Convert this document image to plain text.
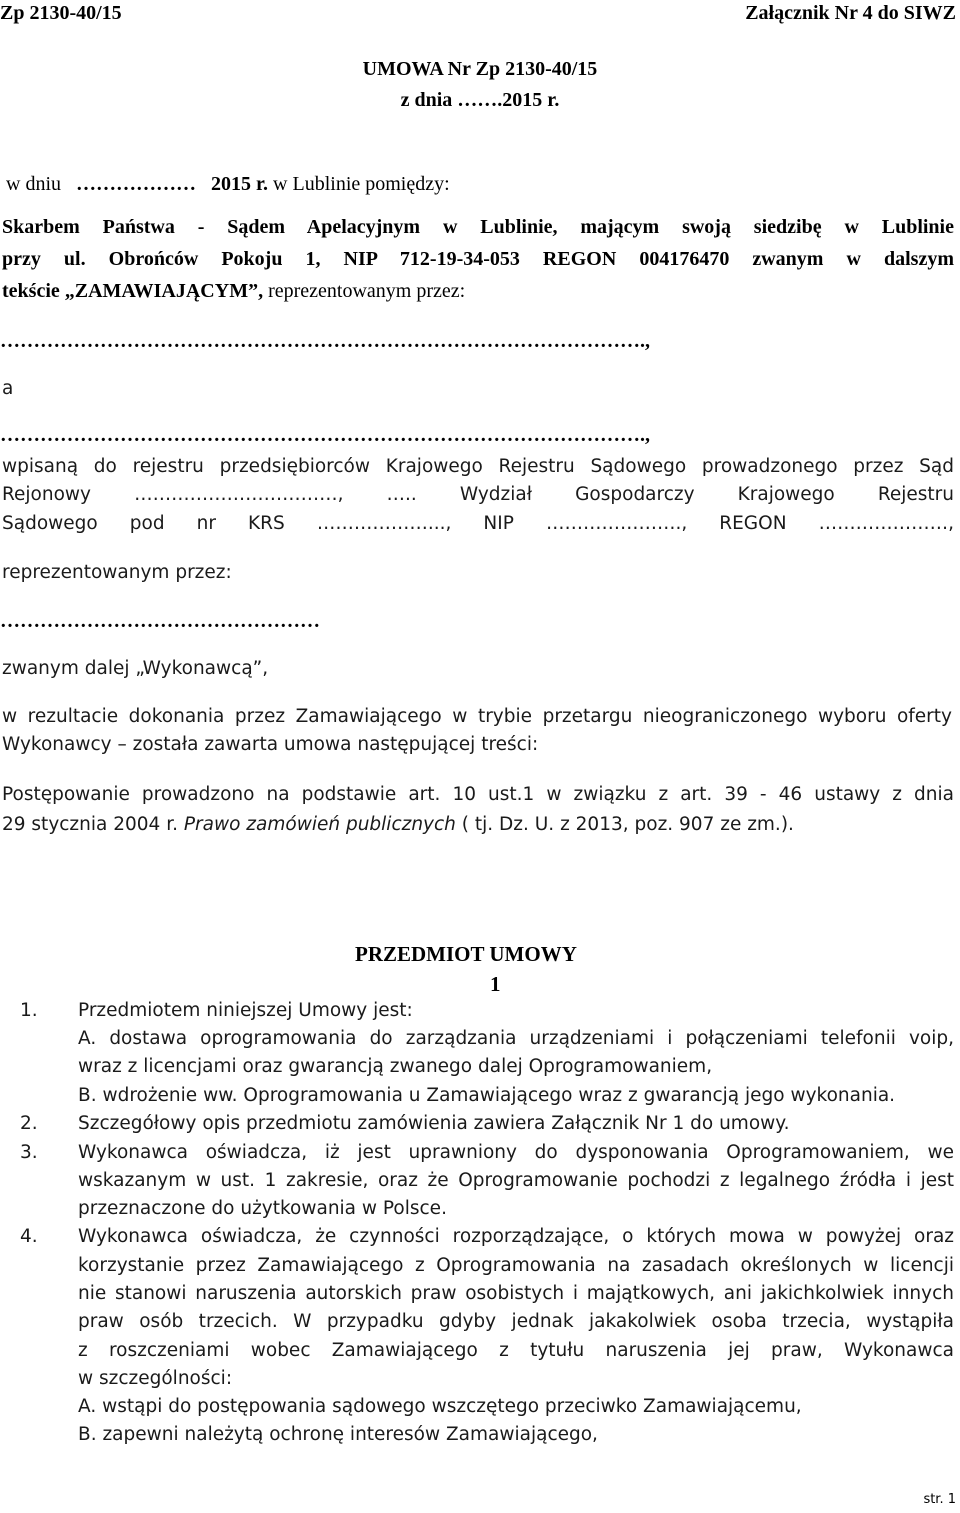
Zp 2130-40/15	Załącznik Nr 4 do SIWZ
UMOWA Nr Zp 2130-40/15
z dnia …….2015 r.
w dniu ……………… 2015 r. w Lublinie pomiędzy:
Skarbem Państwa - Sądem Apelacyjnym w Lublinie, mającym swoją siedzibę w Lublinie
przy ul. Obrońców Pokoju 1, NIP 712-19-34-053 REGON 004176470 zwanym w dalszym
tekście „ZAMAWIAJĄCYM”, reprezentowanym przez:
…………………………………………………………………………………….,
a
…………………………………………………………………………………….,
wpisaną do rejestru przedsiębiorców Krajowego Rejestru Sądowego prowadzonego przez Sąd
Rejonowy ……………………………, ….. Wydział Gospodarczy Krajowego Rejestru
Sądowego pod nr KRS ………………..., NIP …………………., REGON …………………,
reprezentowanym przez:
…………………………………………
zwanym dalej „Wykonawcą”,
w rezultacie dokonania przez Zamawiającego w trybie przetargu nieograniczonego wyboru oferty
Wykonawcy – została zawarta umowa następującej treści:
Postępowanie prowadzono na podstawie art. 10 ust.1 w związku z art. 39 - 46 ustawy z dnia
29 stycznia 2004 r. Prawo zamówień publicznych ( tj. Dz. U. z 2013, poz. 907 ze zm.).
PRZEDMIOT UMOWY
1
1. Przedmiotem niniejszej Umowy jest:
A. dostawa oprogramowania do zarządzania urządzeniami i połączeniami telefonii voip,
wraz z licencjami oraz gwarancją zwanego dalej Oprogramowaniem,
B. wdrożenie ww. Oprogramowania u Zamawiającego wraz z gwarancją jego wykonania.
2. Szczegółowy opis przedmiotu zamówienia zawiera Załącznik Nr 1 do umowy.
3. Wykonawca oświadcza, iż jest uprawniony do dysponowania Oprogramowaniem, we
wskazanym w ust. 1 zakresie, oraz że Oprogramowanie pochodzi z legalnego źródła i jest
przeznaczone do użytkowania w Polsce.
4. Wykonawca oświadcza, że czynności rozporządzające, o których mowa w powyżej oraz
korzystanie przez Zamawiającego z Oprogramowania na zasadach określonych w licencji
nie stanowi naruszenia autorskich praw osobistych i majątkowych, ani jakichkolwiek innych
praw osób trzecich. W przypadku gdyby jednak jakakolwiek osoba trzecia, wystąpiła
z roszczeniami wobec Zamawiającego z tytułu naruszenia jej praw, Wykonawca
w szczególności:
A. wstąpi do postępowania sądowego wszczętego przeciwko Zamawiającemu,
B. zapewni należytą ochronę interesów Zamawiającego,
str. 1
